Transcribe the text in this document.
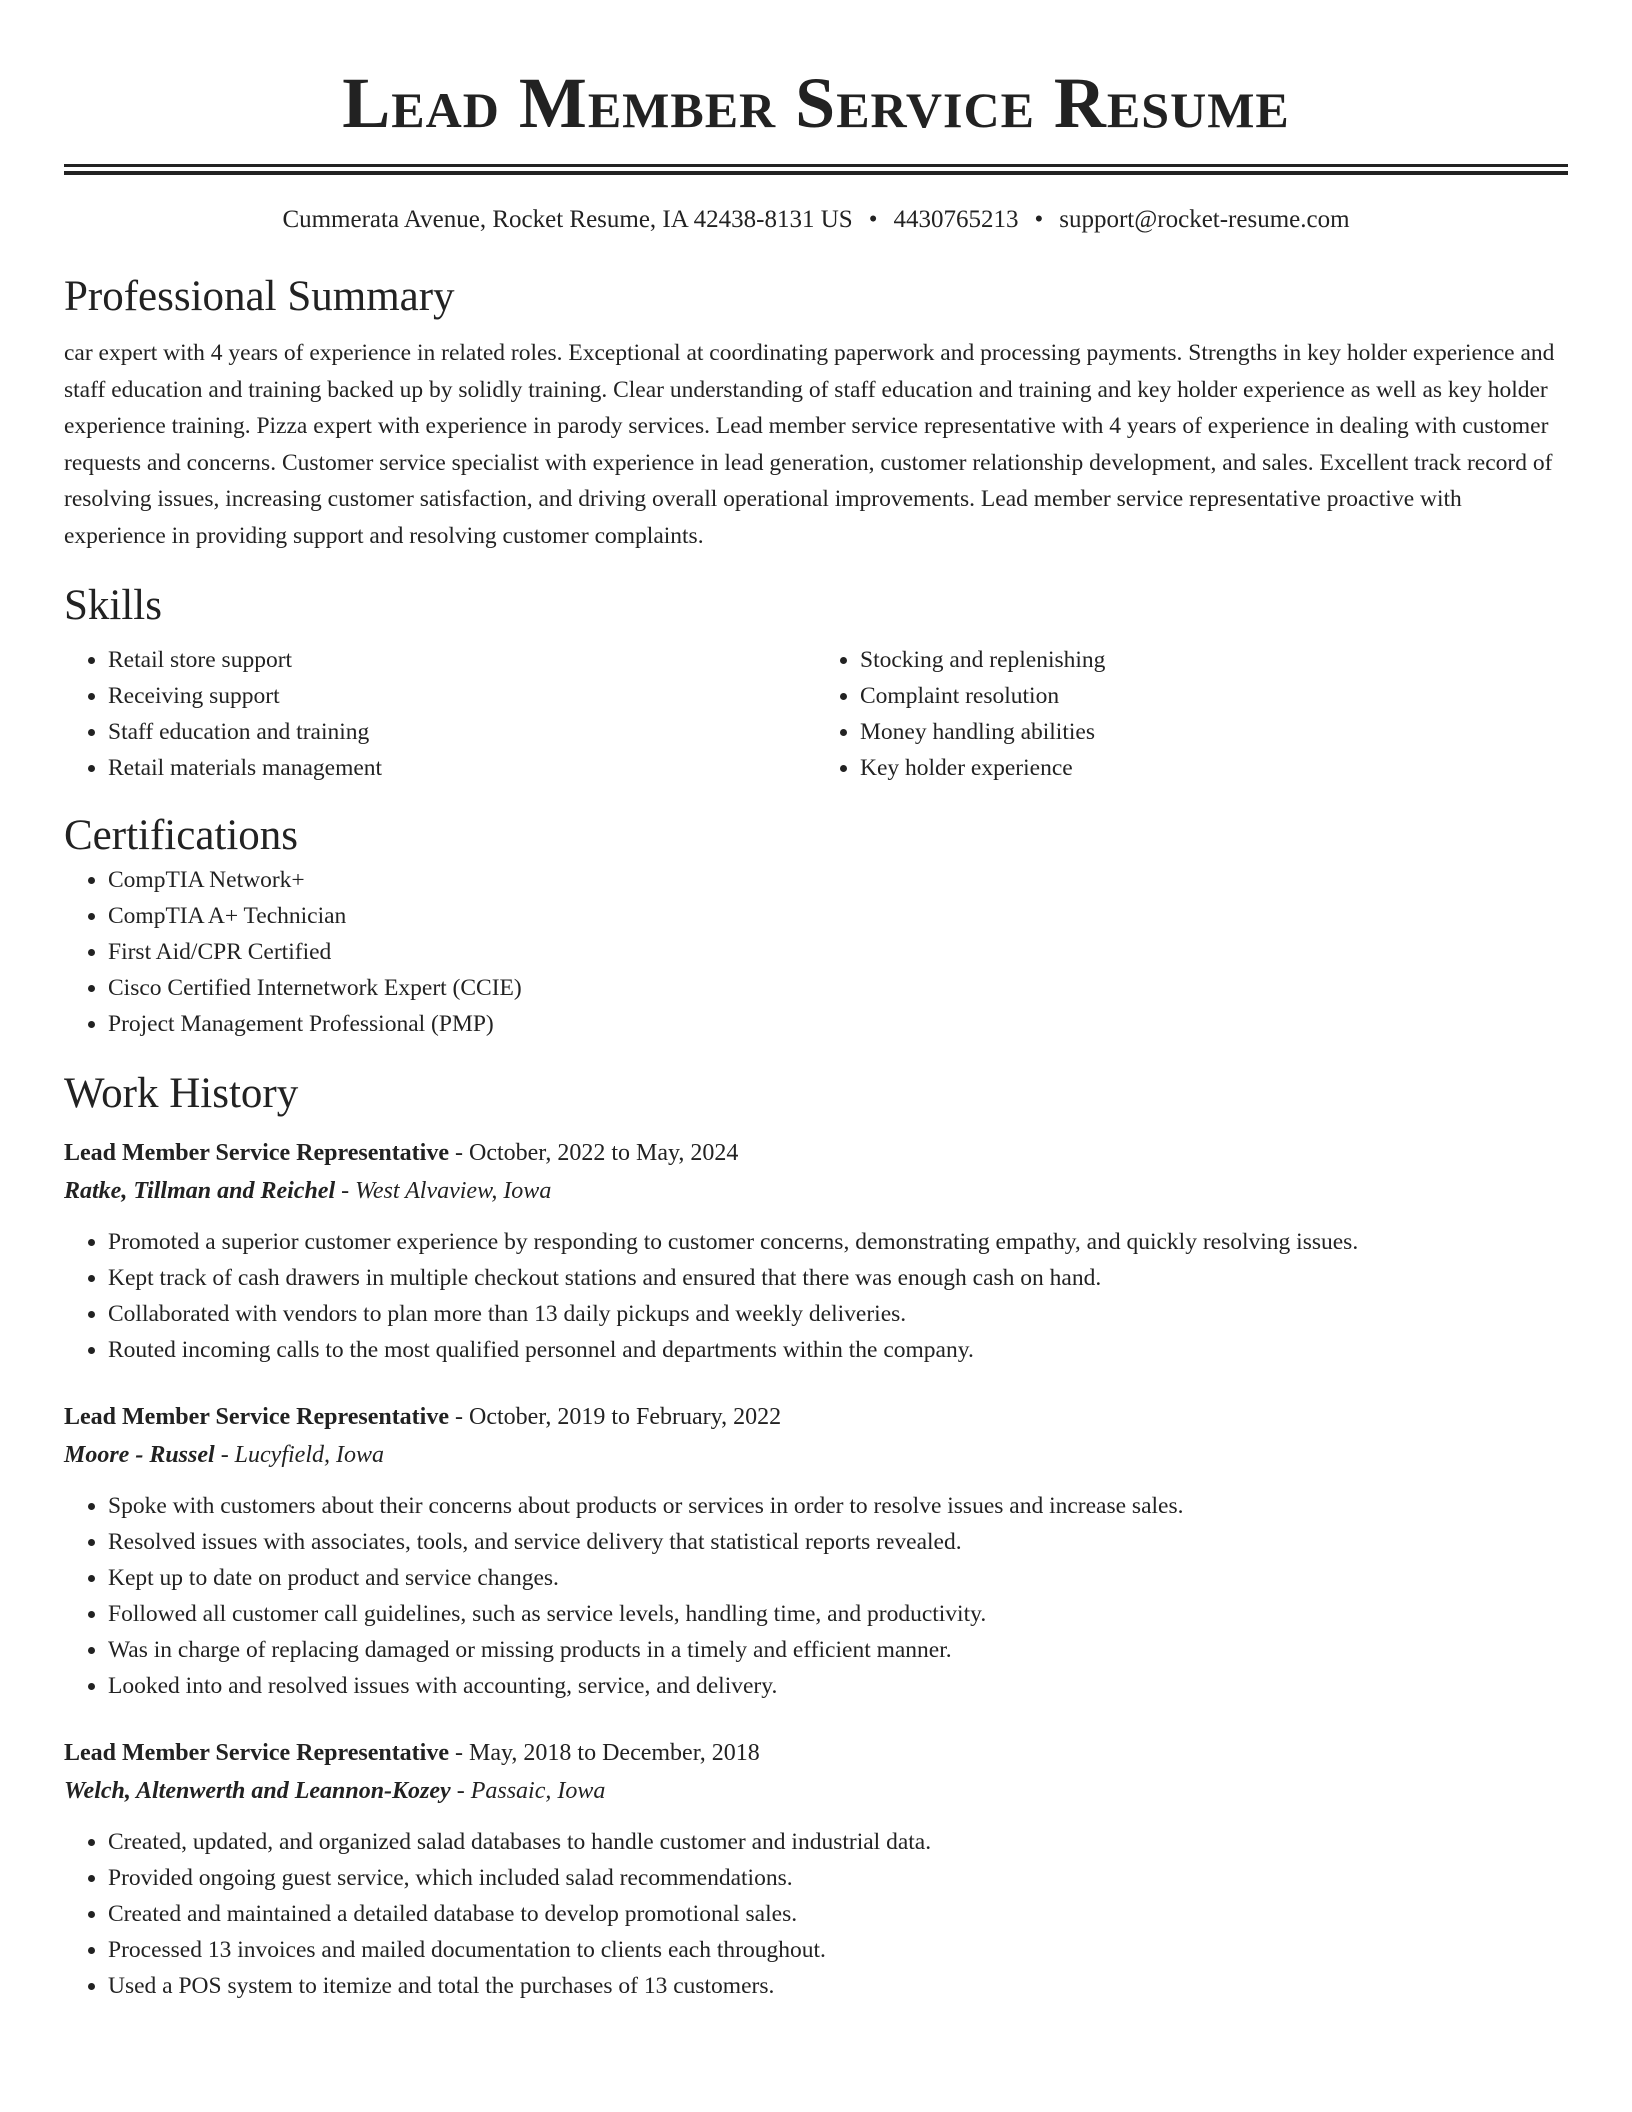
Lead Member Service Resume
Cummerata Avenue, Rocket Resume, IA 42438-8131 US • 4430765213 • support@rocket-resume.com
Professional Summary

car expert with 4 years of experience in related roles. Exceptional at coordinating paperwork and processing payments. Strengths in key holder experience and staff education and training backed up by solidly training. Clear understanding of staff education and training and key holder experience as well as key holder experience training. Pizza expert with experience in parody services. Lead member service representative with 4 years of experience in dealing with customer requests and concerns. Customer service specialist with experience in lead generation, customer relationship development, and sales. Excellent track record of resolving issues, increasing customer satisfaction, and driving overall operational improvements. Lead member service representative proactive with experience in providing support and resolving customer complaints.

Skills
• Retail store support
• Receiving support
• Staff education and training
• Retail materials management
• Stocking and replenishing
• Complaint resolution
• Money handling abilities
• Key holder experience
Certifications
• CompTIA Network+
• CompTIA A+ Technician
• First Aid/CPR Certified
• Cisco Certified Internetwork Expert (CCIE)
• Project Management Professional (PMP)
Work History
Lead Member Service Representative - October, 2022 to May, 2024
Ratke, Tillman and Reichel - West Alvaview, Iowa
• Promoted a superior customer experience by responding to customer concerns, demonstrating empathy, and quickly resolving issues.
• Kept track of cash drawers in multiple checkout stations and ensured that there was enough cash on hand.
• Collaborated with vendors to plan more than 13 daily pickups and weekly deliveries.
• Routed incoming calls to the most qualified personnel and departments within the company.
Lead Member Service Representative - October, 2019 to February, 2022
Moore - Russel - Lucyfield, Iowa
• Spoke with customers about their concerns about products or services in order to resolve issues and increase sales.
• Resolved issues with associates, tools, and service delivery that statistical reports revealed.
• Kept up to date on product and service changes.
• Followed all customer call guidelines, such as service levels, handling time, and productivity.
• Was in charge of replacing damaged or missing products in a timely and efficient manner.
• Looked into and resolved issues with accounting, service, and delivery.
Lead Member Service Representative - May, 2018 to December, 2018
Welch, Altenwerth and Leannon-Kozey - Passaic, Iowa
• Created, updated, and organized salad databases to handle customer and industrial data.
• Provided ongoing guest service, which included salad recommendations.
• Created and maintained a detailed database to develop promotional sales.
• Processed 13 invoices and mailed documentation to clients each throughout.
• Used a POS system to itemize and total the purchases of 13 customers.
